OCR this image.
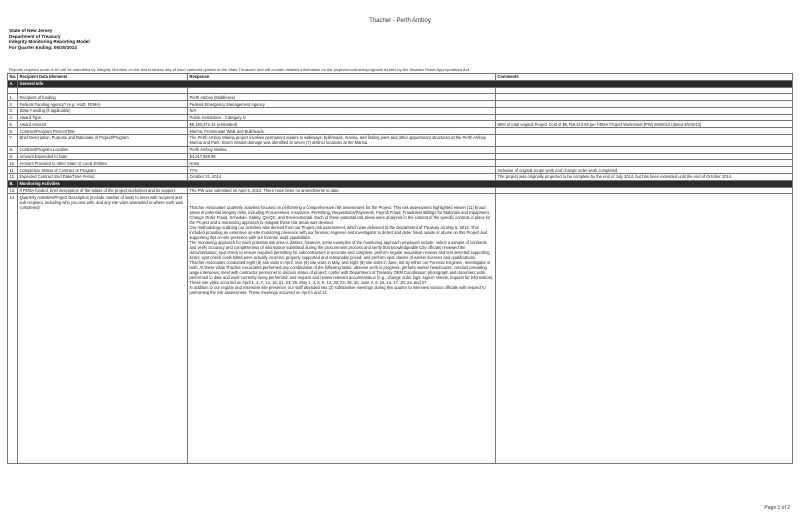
Thacher - Perth Amboy
State of New Jersey
Department of Treasury
Integrity Monitoring Reporting Model
For Quarter Ending: 06/30/2014
Reports required under A-60 will be submitted by Integrity Monitors on the first business day of each calendar quarter to the State Treasurer and will contain detailed information on the projects/contracts/programs funded by the Disaster Relief Appropriations Act.
No.	Recipient Data Elements	Response	Comments
A.	General Info		

1.	Recipient of funding	Perth Amboy (Middlesex)	
2.	Federal Funding Agency? (e.g. HUD, FEMA)	Federal Emergency Management Agency	
3.	State Funding (if applicable)	N/A	
4.	Award Type	Public Assistance - Category G	
5.	Award Amount	$5,183,472.44 (estimated)	90% of total original Project Cost of $5,759,413.83 per FEMA Project Worksheet (PW) 5920012 (dated 4/5/2013)
6.	Contract/Program Person/Title	Marina, Promenade Walk and Bulkheads	
7.	Brief Description, Purpose and Rationale of Project/Program	The Perth Amboy Marina project involves permanent repairs to walkways, bulkheads, marina, and fishing piers and other appurtenant structures at the Perth Amboy Marina and Park. Storm related damage was identified at seven (7) distinct locations at the Marina.	
8.	Contract/Program Location	Perth Amboy Marina	
9.	Amount Expended to Date	$4,017,659.96	
10.	Amount Provided to other State or Local Entities	None	
11.	Completion Status of Contract or Program	77%	Inclusive of original scope work and change order work completed
12.	Expected Contract End Date/Time Period	October 31, 2014	The project was originally projected to be complete by the end of July 2014, but has been extended until the end of October 2014.
B.	Monitoring Activities		
13.	If FEMA funded, brief description of the status of the project worksheet and its support.	The PW was submitted on April 5, 2013. There have been no amendments to date.	
14.	Quarterly Activities/Project Description (include number of visits to meet with recipient and sub recipient, including who you met with, and any site visits warranted to where work was completed)	Thacher Associates' quarterly activities focused on performing a comprehensive risk assessment for the Project. This risk assessment highlighted eleven (11) broad areas of potential integrity risks, including Procurement, Insurance, Permitting, Requisitions/Payments, Payroll Fraud, Fraudulent Billings for Materials and Equipment, Change Order Fraud, Schedule, Safety, QA/QC, and Environmental. Each of these potential risk areas were analyzed in the context of the specific controls in place for the Project and a monitoring approach to mitigate these risk areas was devised.

Our methodology outlining our activities was derived from our Project risk assessment, which was delivered to the Department of Treasury on May 5, 2014. This included providing an extensive on-site monitoring presence with our forensic engineer and investigator to detect and deter fraud, waste or abuse on this Project and supporting this on-site presence with our forensic audit capabilities.

The monitoring approach for each potential risk area is distinct, however, some examples of the monitoring approach employed include: select a sample of contracts and verify accuracy and completeness of information submitted during the procurement process and verify that knowledgeable City officials reviewed the documentation; spot check to ensure required permitting for subcontractors is accurate and complete; perform regular requisition reviews and test selected supporting items; spot check costs billed were actually incurred, properly supported and reasonably priced; and perform spot checks of worker licenses and qualifications.

Thacher Associates conducted eight (8) site visits in April, nine (9) site visits in May, and eight (8) site visits in June, led by either our Forensic Engineer, Investigator or both. At these visits Thacher Associates performed any combination of the following tasks: observe work in progress, perform worker headcounts; conduct prevailing wage interviews; meet with contractor personnel to discuss status of project; confer with Department of Treasury OEM Coordinator; photograph and document work performed to date and work currently being performed; and request and review relevant documentation (e.g., change order logs, sign-in sheets, request for information). These site visits occurred on April 1, 4, 7, 14, 18, 21, 23, 25, May 1, 2, 6, 9, 13, 20, 23, 28, 30, June 3, 6, 10, 13, 17, 20, 24, and 27.

In addition to our regular and extensive site presence, our staff attended two (2) substantive meetings during this quarter to interview various officials with respect to preforming the risk assessment. These meetings occurred on April 1 and 14.	

Page 1 of 2
